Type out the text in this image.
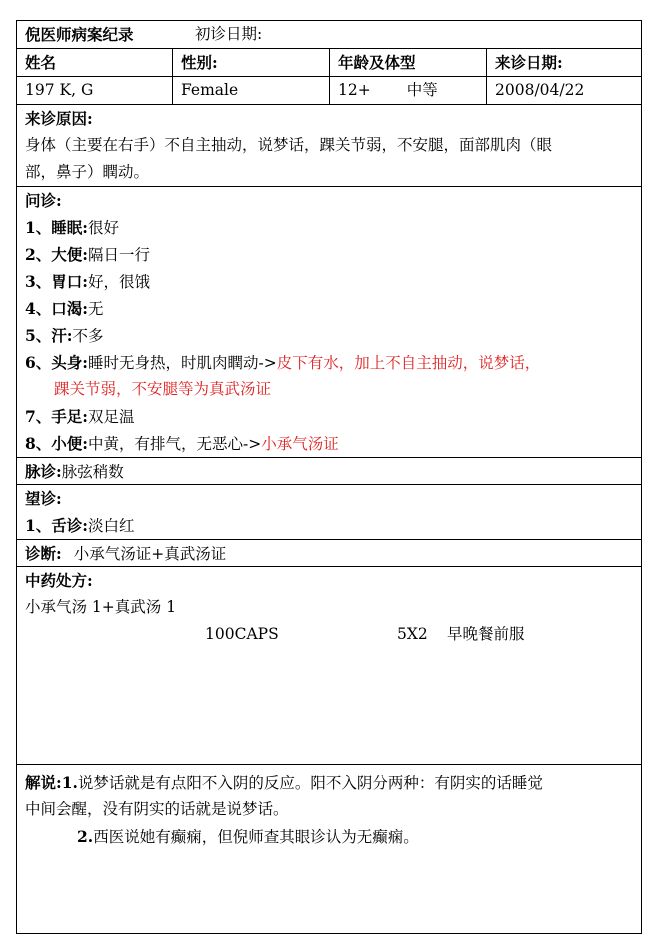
倪医师病案纪录	初诊日期:
姓名	性别:	年龄及体型	来诊日期:
197 K, G	Female	12+ 中等	2008/04/22
来诊原因:
身体（主要在右手）不自主抽动，说梦话，踝关节弱，不安腿，面部肌肉（眼
部，鼻子）瞤动。
问诊:
1、睡眠:很好
2、大便:隔日一行
3、胃口:好，很饿
4、口渴:无
5、汗:不多
6、头身:睡时无身热，时肌肉瞤动->皮下有水，加上不自主抽动，说梦话，
踝关节弱，不安腿等为真武汤证
7、手足:双足温
8、小便:中黄，有排气，无恶心->小承气汤证
脉诊:脉弦稍数
望诊:
1、舌诊:淡白红
诊断: 小承气汤证+真武汤证
中药处方:
小承气汤 1+真武汤 1
100CAPS	5X2 早晚餐前服
解说:1.说梦话就是有点阳不入阴的反应。阳不入阴分两种：有阴实的话睡觉
中间会醒，没有阴实的话就是说梦话。
2.西医说她有癫痫，但倪师查其眼诊认为无癫痫。
